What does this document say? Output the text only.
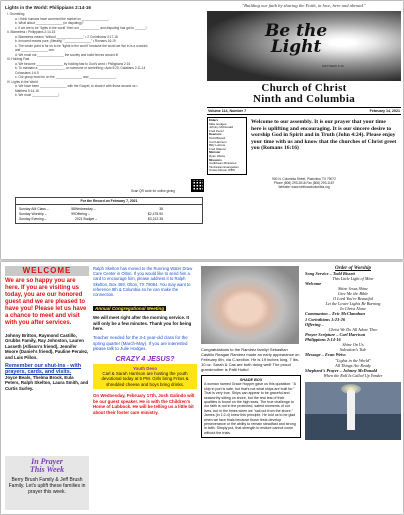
Lights in the World: Philippians 2:14-16
I. Grumbling
a. I think humans have cornered the market on _______________.
b. What about _______________ (or disputing)?
c. If we are to be "lights in the world" then our ___________ and disputing has got to ______!
II. Blameless • Philippians 2:14-15
a. Blameless means "without _______________" • 2 Corinthians 3:17-18
b. Innocent means pure, (literally) "_______________" • Romans 16:19
c. The whole point is for us to be "lights in the world" because the world we live in is a crooked
and _______________ one.
d. We must not _______________ the society and build fences around it!
III. Holding Fast
a. We become _______________ by holding fast to God's word • Philippians 2:16
b. To maintain a _______________ on someone or something • Acts 5:20; Galatians 2:11-14
Colossians 1:6-5
c. Our group must be on the _______________ and _______________.
IV. Lights in the World
a. We have been _______________ with the Gospel, to share it with those around us •
Matthew 5:14-16
b. We must _______________!
Scan QR code for online giving
For the Record on February 7, 2021
Sunday AM Class –	58 Wednesday –	38
Sunday Worship –	99 Offering –	$2,478.90
Sunday Evening –	2021 Budget –	$3,212.35
"Building our faith by sharing the Faith, in love, here and abroad."
Be the
Light
MATTHEW 5:16
Church of Christ
Ninth and Columbia
Volume 114, Number 7	February 14, 2021
Elders
Mike Hodges
Johnny McDonald
Fred Perez
Deacons
Todd Bissett
Carl Harrison
Billy Lubrow
Fred Watson
Minister
Ryan Weiss
Missions
Caribbean Ministries
Tanzanian Evangelism
Crista Gibson WBS
Welcome to our assembly. It is our prayer that your time here is uplifting and encouraging. It is our sincere desire to worship God in Spirit and in Truth (John 4:24). Please enjoy your time with us and know that the churches of Christ greet you (Romans 16:16)
900 N. Columbia Street, Plainview, TX 79072
Phone (806) 293-2616 Fax (806) 293-1167
Website: www.ninthandcolumbia.org
WELCOME
We are so happy you are here. If you are visiting us today, you are our honored guest and we are pleased to have you! Please let us have a chance to meet and visit with you after services.
Johnny Britton, Raymond Castillo, Grubbs Family, Ray Johnston, Lauren Lasseth (Allison's friend), Jennifer Moore (Daniel's friend), Pauline Peralez, and Luis Pillon.
Remember our shut-ins - with prayers, cards, and visits.
Joyce Beals, Thelma Brock, Eula Peters, Ralph Skelton, Laura Smith, and Curtis Surley.
In Prayer
This Week
Berry Brush Family & Jeff Brush Family. Let's uplift these families in prayer this week.
Ralph Skelton has moved to the Running Water Draw Care Center in Olton. If you would like to send him a card to encourage him, please address it to Ralph Skelton, Box 469, Olton, TX 79064. You may want to reference 9th & Columbia so he can make the connection.
Annual Congregational Meeting
We will meet right after the morning service. It will only be a few minutes. Thank you for being here.
Teacher needed for the 3-4 year-old class for the spring quarter (March-May). If you are interested please talk to Julie Hodges.
CRAZY 4 JESUS?
Youth Devo
Carl & Sarah Harrison are hosting the youth devotional today at 5 PM. Girls bring Fritos & shredded cheese and boys bring drinks.
On Wednesday, February 17th, Josh Galindo will be our guest speaker. He is with the Children's Home of Lubbock. He will be telling us a little bit about their foster care ministry.
Congratulations to the Ramirez family! Sebastian Castillo Reagan Ramirez made an early appearance on February 6th, via C-section. He is 19 inches long, 7 lbs, 10 oz. Sarah & Cas are both doing well! The proud grandmother is Patti Hutto!
SHADE BOX
A woman named Grace Hopper gave us this quotation: "A ship in port is safe, but that's not what ships are built for." That is very true. Ships can appear to be graceful and seaworthy sitting on shore, but the real test of their qualities is found on the high seas. The true challenge to our faith is not in the protected, safest moments of our lives, but in the times when we "sail out from the shore." James (in 1:2-4) knew this principle. He told us to be glad when we face trials because those tests develop perseverance or the ability to remain steadfast and strong in faith. Simply put, that strength to endure cannot come without the trials.
Order of Worship
Song Service – Todd Bissett
This Little Light of Mine
Welcome
Shine Jesus Shine
Give Me the Bible
O Lord You're Beautiful
Let the Lower Lights Be Burning
In Christ Alone
Communion – Eric McClanahan
1 Corinthians 1:23-26
Offering –
Christ We Do All Adore Thee
Prayer Scripture – Carl Harrison
Philippians 2:14-16
Shine On Us
Salvation's Tide
Message – Evan Weiss
"Lights in the World"
All Things Are Ready
Shepherd's Prayer – Johnny McDonald
When the Roll Is Called Up Yonder
